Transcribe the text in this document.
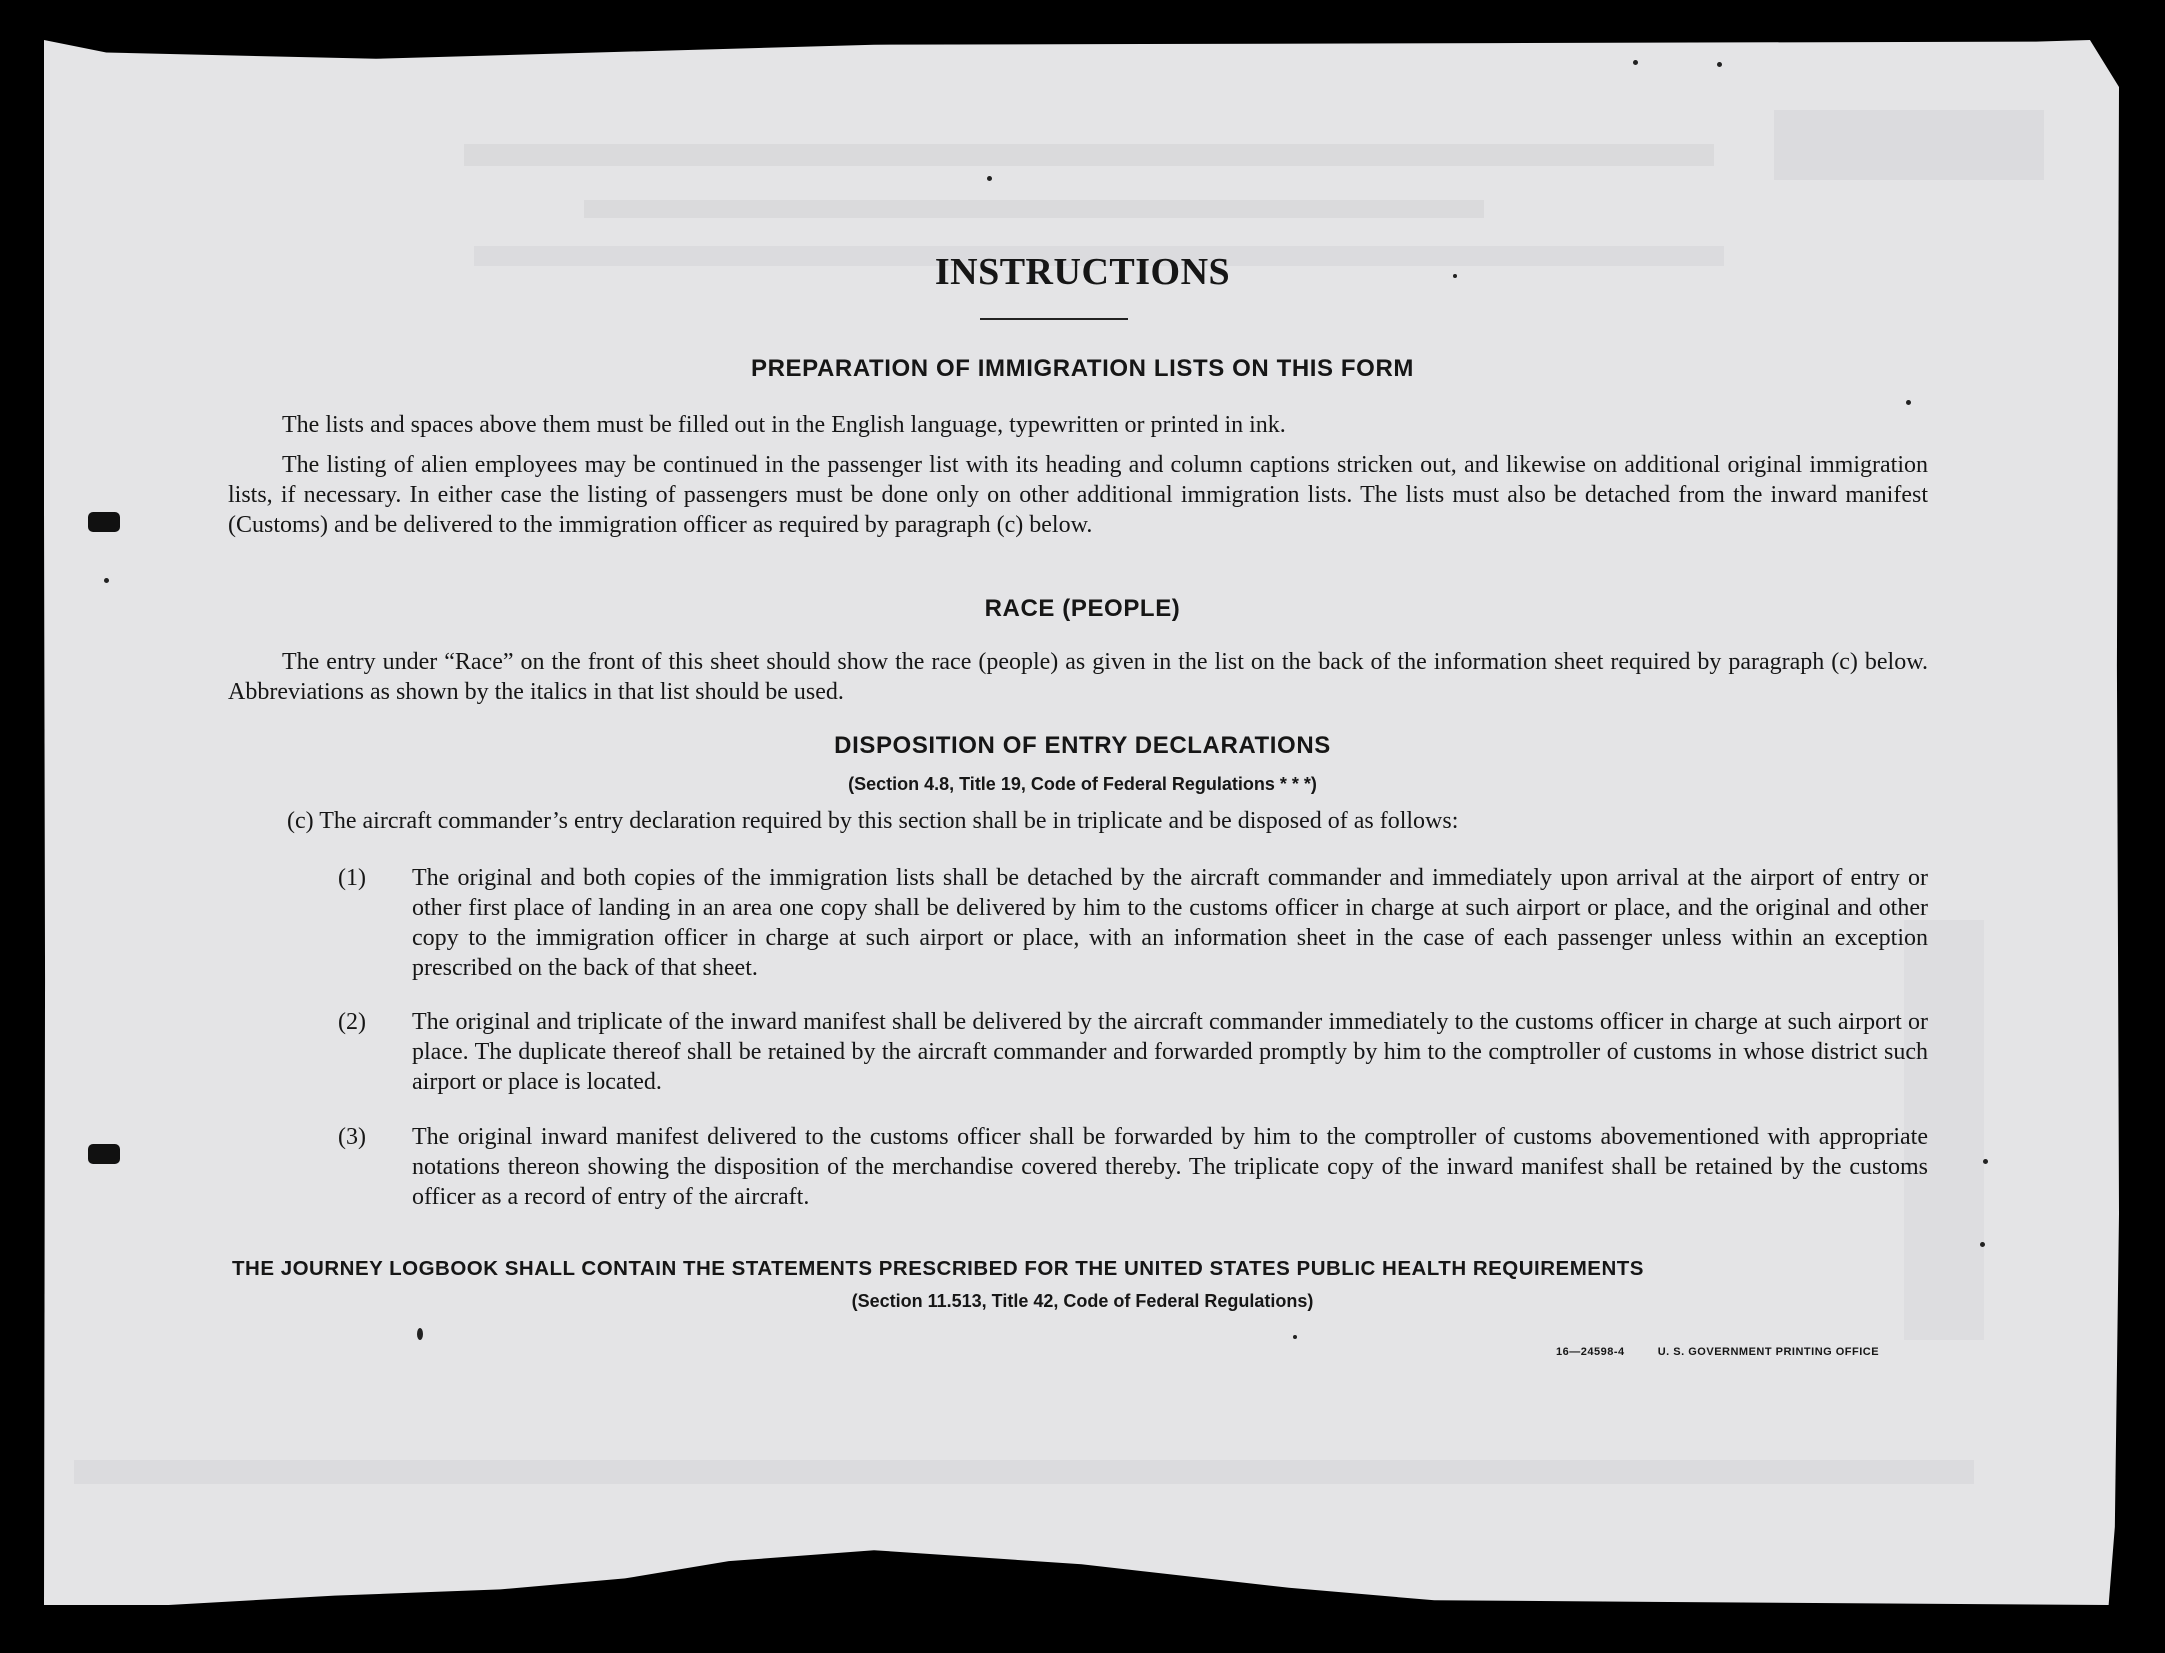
INSTRUCTIONS
PREPARATION OF IMMIGRATION LISTS ON THIS FORM
The lists and spaces above them must be filled out in the English language, typewritten or printed in ink.
The listing of alien employees may be continued in the passenger list with its heading and column captions stricken out, and likewise on additional original immigration lists, if necessary. In either case the listing of passengers must be done only on other additional immigration lists. The lists must also be detached from the inward manifest (Customs) and be delivered to the immigration officer as required by paragraph (c) below.
RACE (PEOPLE)
The entry under “Race” on the front of this sheet should show the race (people) as given in the list on the back of the information sheet required by paragraph (c) below. Abbreviations as shown by the italics in that list should be used.
DISPOSITION OF ENTRY DECLARATIONS
(Section 4.8, Title 19, Code of Federal Regulations * * *)
(c) The aircraft commander’s entry declaration required by this section shall be in triplicate and be disposed of as follows:
(1) The original and both copies of the immigration lists shall be detached by the aircraft commander and immediately upon arrival at the airport of entry or other first place of landing in an area one copy shall be delivered by him to the customs officer in charge at such airport or place, and the original and other copy to the immigration officer in charge at such airport or place, with an information sheet in the case of each passenger unless within an exception prescribed on the back of that sheet.
(2) The original and triplicate of the inward manifest shall be delivered by the aircraft commander immediately to the customs officer in charge at such airport or place. The duplicate thereof shall be retained by the aircraft commander and forwarded promptly by him to the comptroller of customs in whose district such airport or place is located.
(3) The original inward manifest delivered to the customs officer shall be forwarded by him to the comptroller of customs abovementioned with appropriate notations thereon showing the disposition of the merchandise covered thereby. The triplicate copy of the inward manifest shall be retained by the customs officer as a record of entry of the aircraft.
THE JOURNEY LOGBOOK SHALL CONTAIN THE STATEMENTS PRESCRIBED FOR THE UNITED STATES PUBLIC HEALTH REQUIREMENTS
(Section 11.513, Title 42, Code of Federal Regulations)
16—24598-4	U. S. GOVERNMENT PRINTING OFFICE
